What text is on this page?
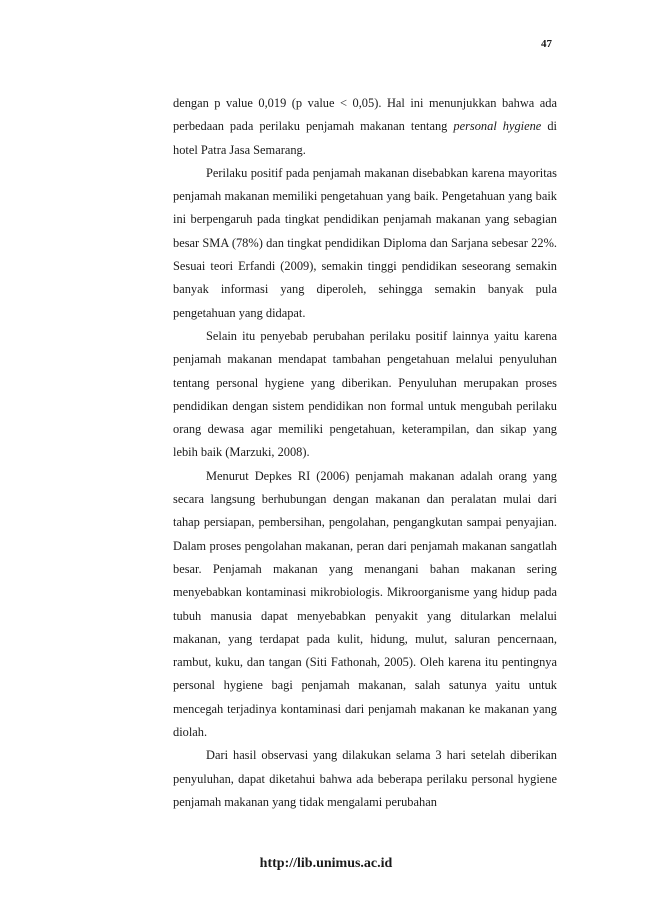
47

dengan p value 0,019 (p value < 0,05). Hal ini menunjukkan bahwa ada perbedaan pada perilaku penjamah makanan tentang personal hygiene di hotel Patra Jasa Semarang.

Perilaku positif pada penjamah makanan disebabkan karena mayoritas penjamah makanan memiliki pengetahuan yang baik. Pengetahuan yang baik ini berpengaruh pada tingkat pendidikan penjamah makanan yang sebagian besar SMA (78%) dan tingkat pendidikan Diploma dan Sarjana sebesar 22%. Sesuai teori Erfandi (2009), semakin tinggi pendidikan seseorang semakin banyak informasi yang diperoleh, sehingga semakin banyak pula pengetahuan yang didapat.

Selain itu penyebab perubahan perilaku positif lainnya yaitu karena penjamah makanan mendapat tambahan pengetahuan melalui penyuluhan tentang personal hygiene yang diberikan. Penyuluhan merupakan proses pendidikan dengan sistem pendidikan non formal untuk mengubah perilaku orang dewasa agar memiliki pengetahuan, keterampilan, dan sikap yang lebih baik (Marzuki, 2008).

Menurut Depkes RI (2006) penjamah makanan adalah orang yang secara langsung berhubungan dengan makanan dan peralatan mulai dari tahap persiapan, pembersihan, pengolahan, pengangkutan sampai penyajian. Dalam proses pengolahan makanan, peran dari penjamah makanan sangatlah besar. Penjamah makanan yang menangani bahan makanan sering menyebabkan kontaminasi mikrobiologis. Mikroorganisme yang hidup pada tubuh manusia dapat menyebabkan penyakit yang ditularkan melalui makanan, yang terdapat pada kulit, hidung, mulut, saluran pencernaan, rambut, kuku, dan tangan (Siti Fathonah, 2005). Oleh karena itu pentingnya personal hygiene bagi penjamah makanan, salah satunya yaitu untuk mencegah terjadinya kontaminasi dari penjamah makanan ke makanan yang diolah.

Dari hasil observasi yang dilakukan selama 3 hari setelah diberikan penyuluhan, dapat diketahui bahwa ada beberapa perilaku personal hygiene penjamah makanan yang tidak mengalami perubahan

http://lib.unimus.ac.id
